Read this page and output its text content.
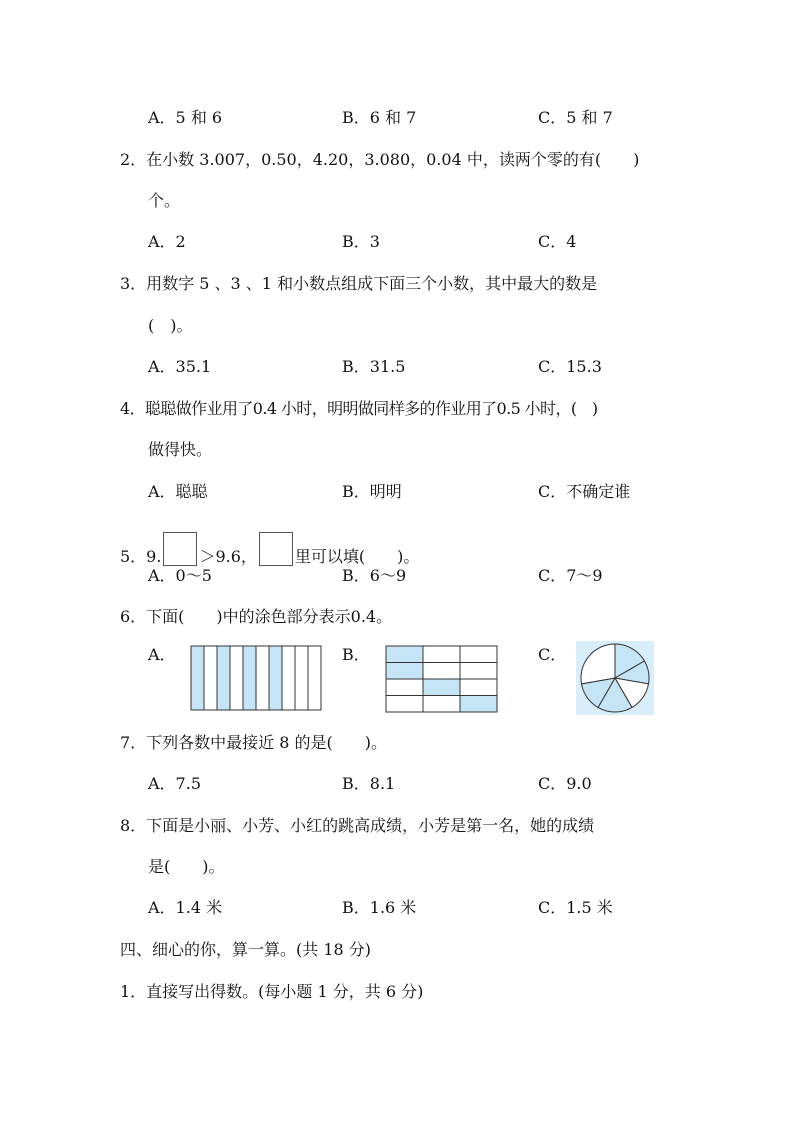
A．5 和 6	B．6 和 7	C．5 和 7
2．在小数 3.007，0.50，4.20，3.080，0.04 中，读两个零的有(　　)
个。
A．2	B．3	C．4
3．用数字 5 、3 、1 和小数点组成下面三个小数，其中最大的数是
(　)。
A．35.1	B．31.5	C．15.3
4．聪聪做作业用了0.4 小时，明明做同样多的作业用了0.5 小时，(　)
做得快。
A．聪聪	B．明明	C．不确定谁
5．9. ＞9.6， 里可以填(　　)。
A．0～5	B．6～9	C．7～9
6．下面(　　)中的涂色部分表示0.4。
A．	B．	C．
7．下列各数中最接近 8 的是(　　)。
A．7.5	B．8.1	C．9.0
8．下面是小丽、小芳、小红的跳高成绩，小芳是第一名，她的成绩
是(　　)。
A．1.4 米	B．1.6 米	C．1.5 米
四、细心的你，算一算。(共 18 分)
1．直接写出得数。(每小题 1 分，共 6 分)
